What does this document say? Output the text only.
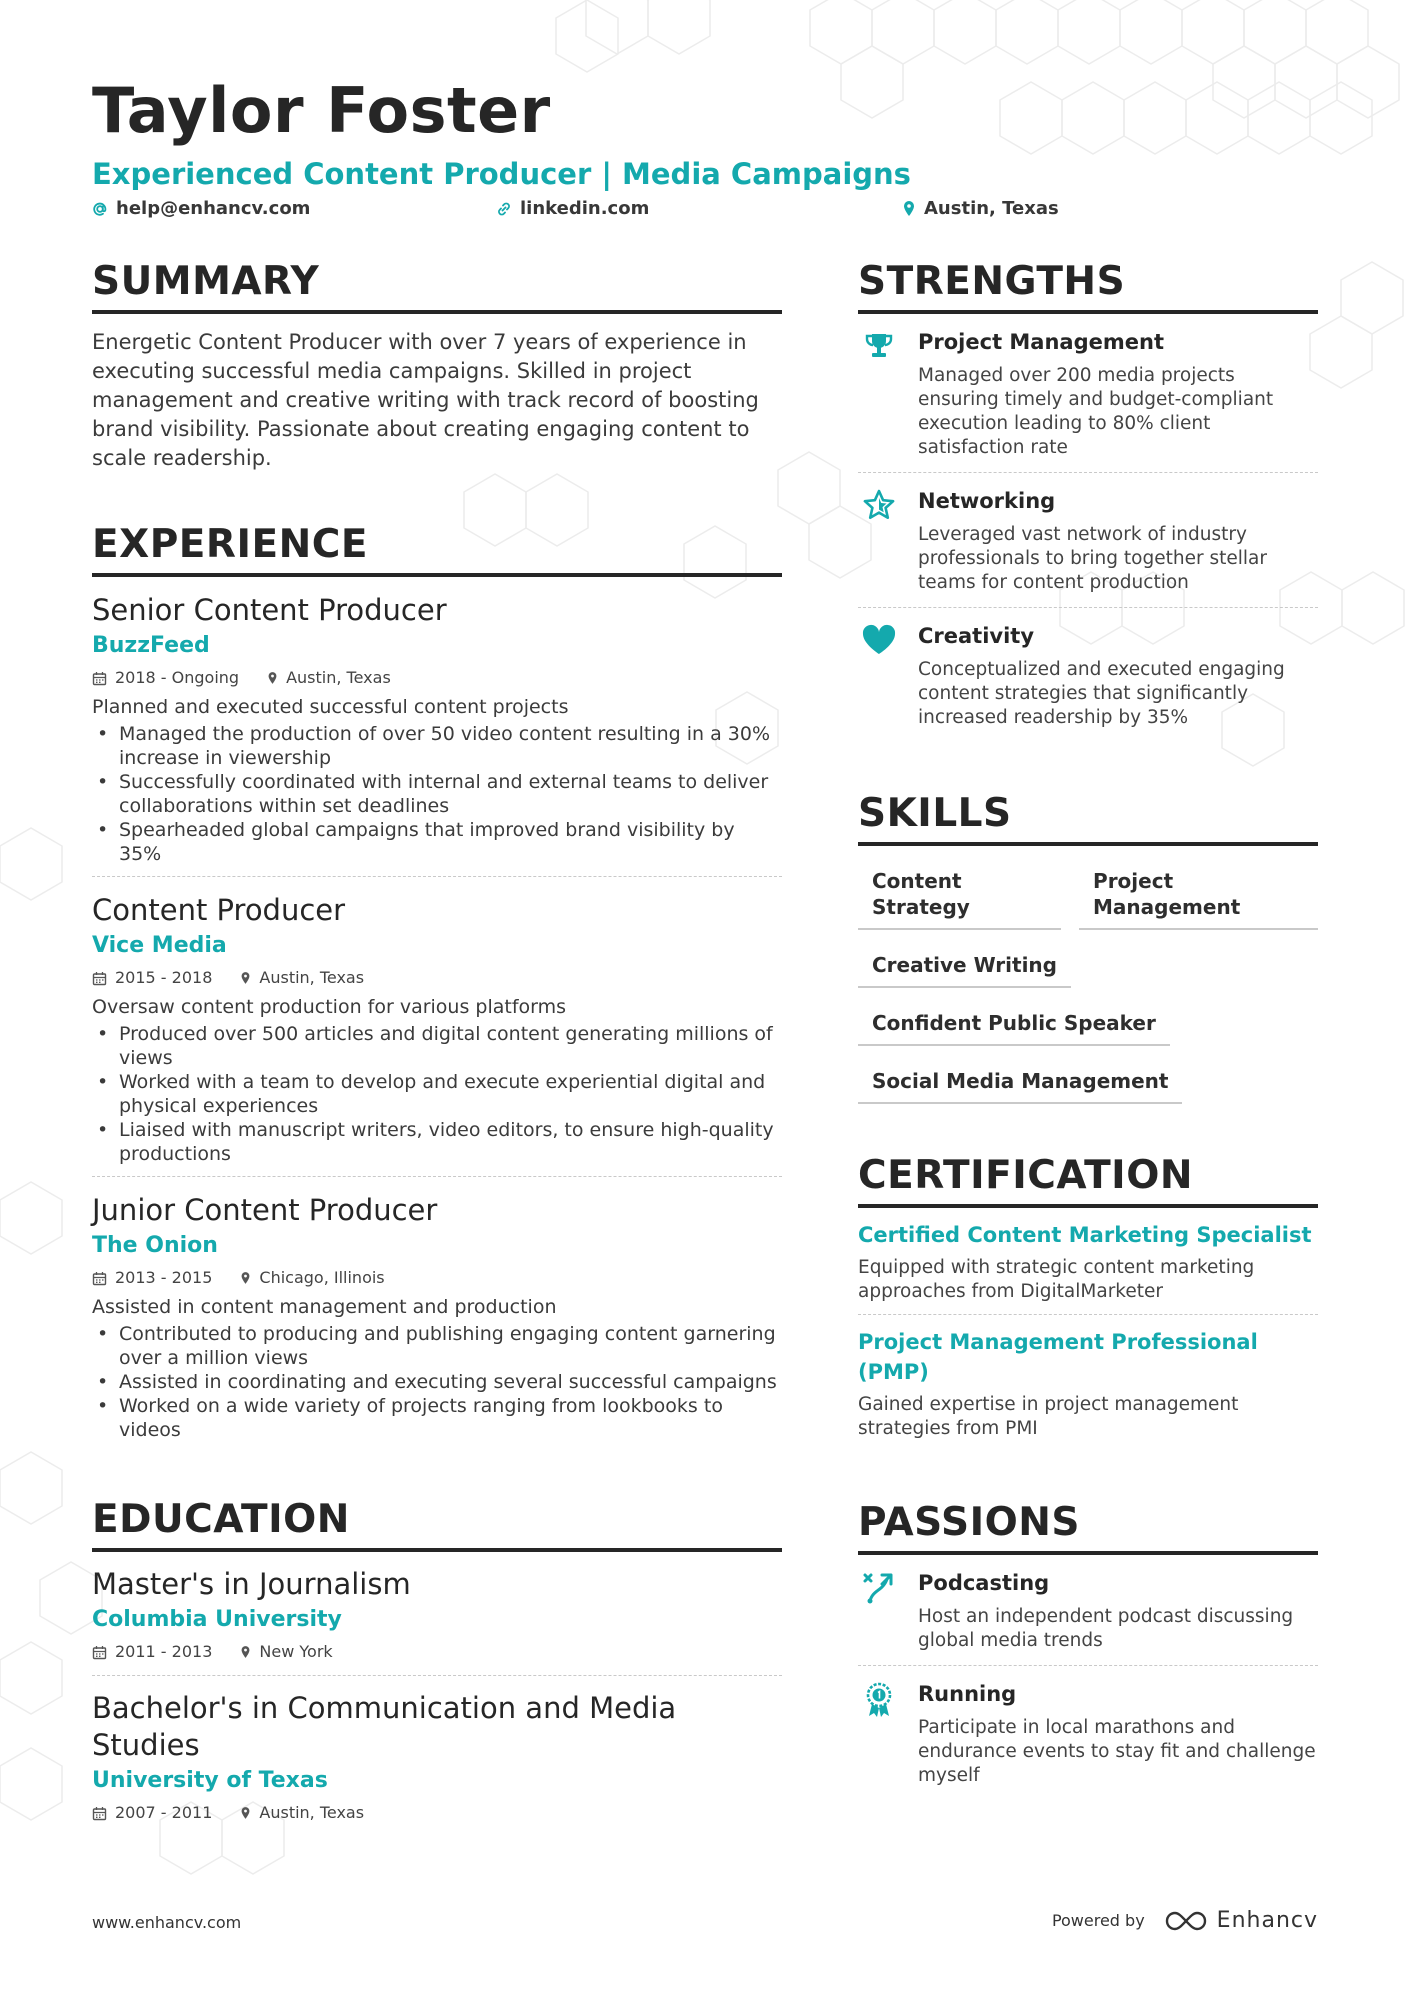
Taylor Foster
Experienced Content Producer | Media Campaigns
help@enhancv.com	linkedin.com	Austin, Texas
SUMMARY
Energetic Content Producer with over 7 years of experience in executing successful media campaigns. Skilled in project management and creative writing with track record of boosting brand visibility. Passionate about creating engaging content to scale readership.
EXPERIENCE
Senior Content Producer
BuzzFeed
2018 - Ongoing	Austin, Texas
Planned and executed successful content projects
• Managed the production of over 50 video content resulting in a 30% increase in viewership
• Successfully coordinated with internal and external teams to deliver collaborations within set deadlines
• Spearheaded global campaigns that improved brand visibility by 35%
Content Producer
Vice Media
2015 - 2018	Austin, Texas
Oversaw content production for various platforms
• Produced over 500 articles and digital content generating millions of views
• Worked with a team to develop and execute experiential digital and physical experiences
• Liaised with manuscript writers, video editors, to ensure high-quality productions
Junior Content Producer
The Onion
2013 - 2015	Chicago, Illinois
Assisted in content management and production
• Contributed to producing and publishing engaging content garnering over a million views
• Assisted in coordinating and executing several successful campaigns
• Worked on a wide variety of projects ranging from lookbooks to videos
EDUCATION
Master's in Journalism
Columbia University
2011 - 2013	New York
Bachelor's in Communication and Media Studies
University of Texas
2007 - 2011	Austin, Texas
STRENGTHS
Project Management
Managed over 200 media projects ensuring timely and budget-compliant execution leading to 80% client satisfaction rate
Networking
Leveraged vast network of industry professionals to bring together stellar teams for content production
Creativity
Conceptualized and executed engaging content strategies that significantly increased readership by 35%
SKILLS
Content Strategy
Project Management
Creative Writing
Confident Public Speaker
Social Media Management
CERTIFICATION
Certified Content Marketing Specialist
Equipped with strategic content marketing approaches from DigitalMarketer
Project Management Professional (PMP)
Gained expertise in project management strategies from PMI
PASSIONS
Podcasting
Host an independent podcast discussing global media trends
Running
Participate in local marathons and endurance events to stay fit and challenge myself
www.enhancv.com	Powered by	Enhancv
